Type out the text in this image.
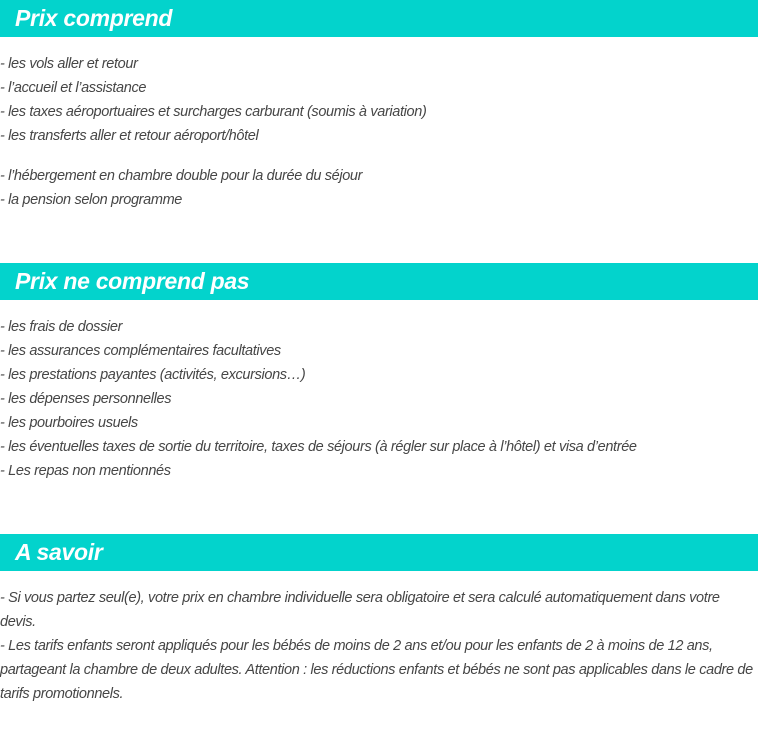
Prix comprend
- les vols aller et retour
- l’accueil et l’assistance
- les taxes aéroportuaires et surcharges carburant (soumis à variation)
- les transferts aller et retour aéroport/hôtel
- l’hébergement en chambre double pour la durée du séjour
- la pension selon programme
Prix ne comprend pas
- les frais de dossier
- les assurances complémentaires facultatives
- les prestations payantes (activités, excursions…)
- les dépenses personnelles
- les pourboires usuels
- les éventuelles taxes de sortie du territoire, taxes de séjours (à régler sur place à l’hôtel) et visa d’entrée
- Les repas non mentionnés
A savoir

- Si vous partez seul(e), votre prix en chambre individuelle sera obligatoire et sera calculé automatiquement dans votre devis.

- Les tarifs enfants seront appliqués pour les bébés de moins de 2 ans et/ou pour les enfants de 2 à moins de 12 ans, partageant la chambre de deux adultes. Attention : les réductions enfants et bébés ne sont pas applicables dans le cadre de tarifs promotionnels.
